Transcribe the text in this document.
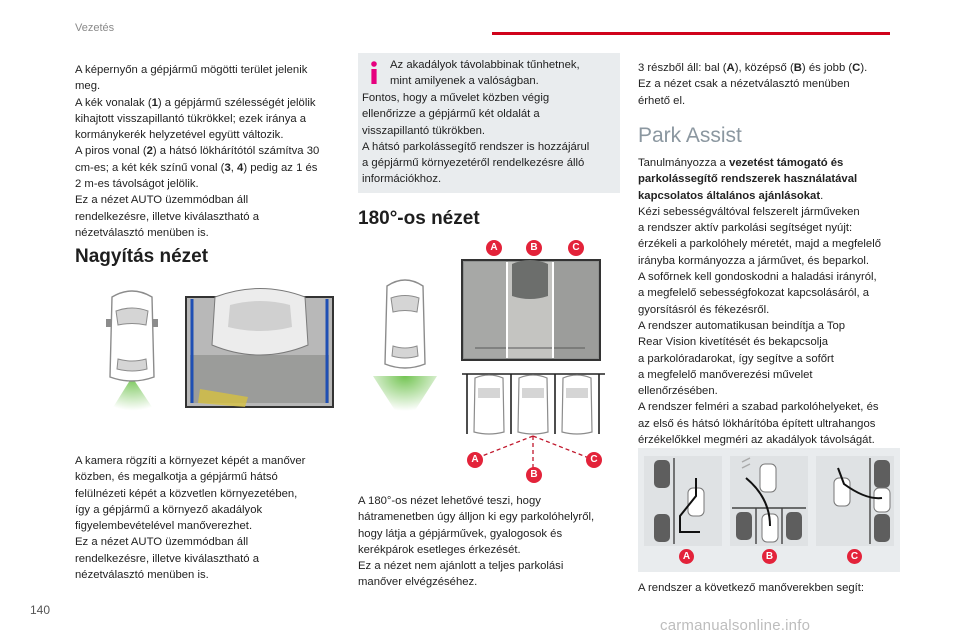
Vezetés
A képernyőn a gépjármű mögötti terület jelenik
meg.
A kék vonalak (1) a gépjármű szélességét jelölik
kihajtott visszapillantó tükrökkel; ezek iránya a
kormánykerék helyzetével együtt változik.
A piros vonal (2) a hátsó lökhárítótól számítva 30
cm-es; a két kék színű vonal (3, 4) pedig az 1 és
2 m-es távolságot jelölik.
Ez a nézet AUTO üzemmódban áll
rendelkezésre, illetve kiválasztható a
nézetválasztó menüben is.
Nagyítás nézet
A kamera rögzíti a környezet képét a manőver
közben, és megalkotja a gépjármű hátsó
felülnézeti képét a közvetlen környezetében,
így a gépjármű a környező akadályok
figyelembevételével manőverezhet.
Ez a nézet AUTO üzemmódban áll
rendelkezésre, illetve kiválasztható a
nézetválasztó menüben is.
Az akadályok távolabbinak tűnhetnek,
mint amilyenek a valóságban.
Fontos, hogy a művelet közben végig
ellenőrizze a gépjármű két oldalát a
visszapillantó tükrökben.
A hátsó parkolássegítő rendszer is hozzájárul
a gépjármű környezetéről rendelkezésre álló
információkhoz.
180°-os nézet
A	B	C
A
B
C
A 180°-os nézet lehetővé teszi, hogy
hátramenetben úgy álljon ki egy parkolóhelyről,
hogy látja a gépjárművek, gyalogosok és
kerékpárok esetleges érkezését.
Ez a nézet nem ajánlott a teljes parkolási
manőver elvégzéséhez.
3 részből áll: bal (A), középső (B) és jobb (C).
Ez a nézet csak a nézetválasztó menüben
érhető el.
Park Assist
Tanulmányozza a vezetést támogató és
parkolássegítő rendszerek használatával
kapcsolatos általános ajánlásokat.
Kézi sebességváltóval felszerelt járműveken
a rendszer aktív parkolási segítséget nyújt:
érzékeli a parkolóhely méretét, majd a megfelelő
irányba kormányozza a járművet, és beparkol.
A sofőrnek kell gondoskodni a haladási irányról,
a megfelelő sebességfokozat kapcsolásáról, a
gyorsításról és fékezésről.
A rendszer automatikusan beindítja a Top
Rear Vision kivetítését és bekapcsolja
a parkolóradarokat, így segítve a sofőrt
a megfelelő manőverezési művelet
ellenőrzésében.
A rendszer felméri a szabad parkolóhelyeket, és
az első és hátsó lökhárítóba épített ultrahangos
érzékelőkkel megméri az akadályok távolságát.
A	B	C
A rendszer a következő manőverekben segít:
140
carmanualsonline.info
